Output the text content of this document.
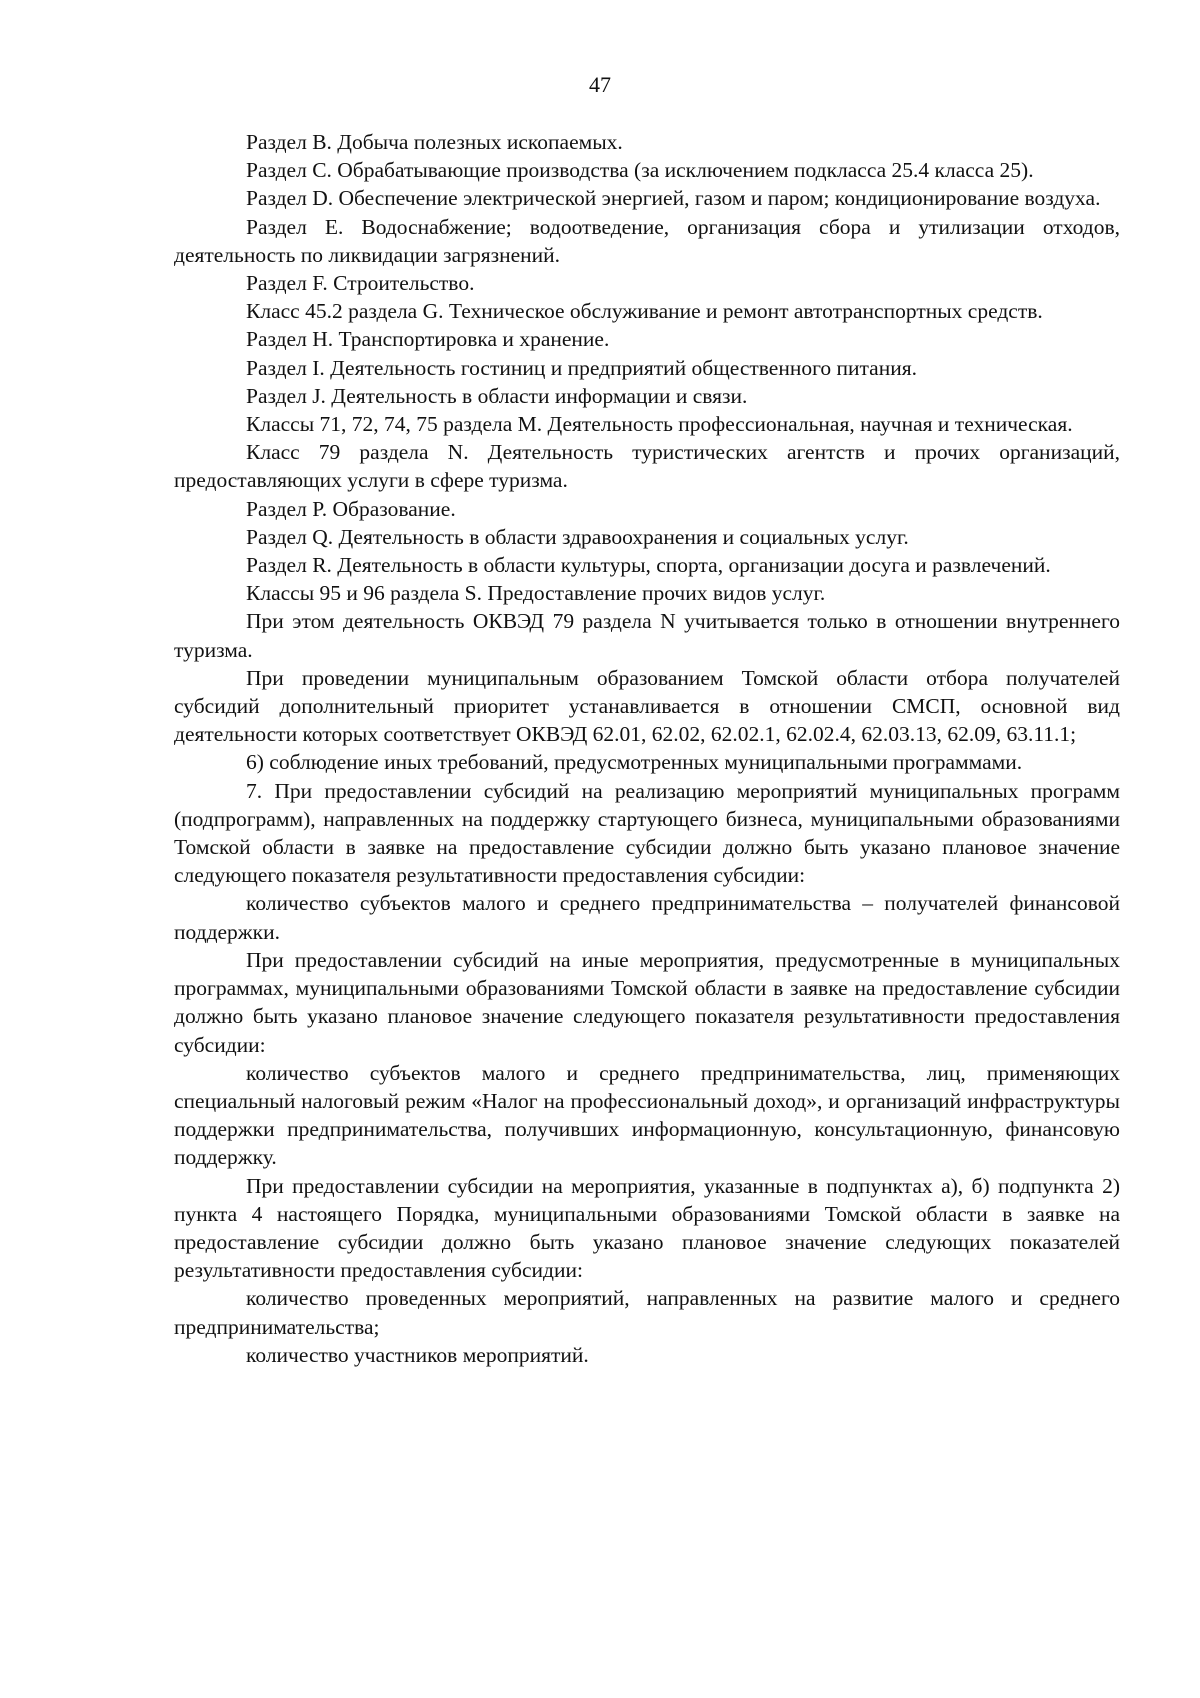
47

Раздел B. Добыча полезных ископаемых.

Раздел C. Обрабатывающие производства (за исключением подкласса 25.4 класса 25).

Раздел D. Обеспечение электрической энергией, газом и паром; кондиционирование воздуха.

Раздел E. Водоснабжение; водоотведение, организация сбора и утилизации отходов, деятельность по ликвидации загрязнений.

Раздел F. Строительство.

Класс 45.2 раздела G. Техническое обслуживание и ремонт автотранспортных средств.

Раздел H. Транспортировка и хранение.

Раздел I. Деятельность гостиниц и предприятий общественного питания.

Раздел J. Деятельность в области информации и связи.

Классы 71, 72, 74, 75 раздела M. Деятельность профессиональная, научная и техническая.

Класс 79 раздела N. Деятельность туристических агентств и прочих организаций, предоставляющих услуги в сфере туризма.

Раздел P. Образование.

Раздел Q. Деятельность в области здравоохранения и социальных услуг.

Раздел R. Деятельность в области культуры, спорта, организации досуга и развлечений.

Классы 95 и 96 раздела S. Предоставление прочих видов услуг.

При этом деятельность ОКВЭД 79 раздела N учитывается только в отношении внутреннего туризма.

При проведении муниципальным образованием Томской области отбора получателей субсидий дополнительный приоритет устанавливается в отношении СМСП, основной вид деятельности которых соответствует ОКВЭД 62.01, 62.02, 62.02.1, 62.02.4, 62.03.13, 62.09, 63.11.1;

6) соблюдение иных требований, предусмотренных муниципальными программами.

7. При предоставлении субсидий на реализацию мероприятий муниципальных программ (подпрограмм), направленных на поддержку стартующего бизнеса, муниципальными образованиями Томской области в заявке на предоставление субсидии должно быть указано плановое значение следующего показателя результативности предоставления субсидии:

количество субъектов малого и среднего предпринимательства – получателей финансовой поддержки.

При предоставлении субсидий на иные мероприятия, предусмотренные в муниципальных программах, муниципальными образованиями Томской области в заявке на предоставление субсидии должно быть указано плановое значение следующего показателя результативности предоставления субсидии:

количество субъектов малого и среднего предпринимательства, лиц, применяющих специальный налоговый режим «Налог на профессиональный доход», и организаций инфраструктуры поддержки предпринимательства, получивших информационную, консультационную, финансовую поддержку.

При предоставлении субсидии на мероприятия, указанные в подпунктах а), б) подпункта 2) пункта 4 настоящего Порядка, муниципальными образованиями Томской области в заявке на предоставление субсидии должно быть указано плановое значение следующих показателей результативности предоставления субсидии:

количество проведенных мероприятий, направленных на развитие малого и среднего предпринимательства;

количество участников мероприятий.
